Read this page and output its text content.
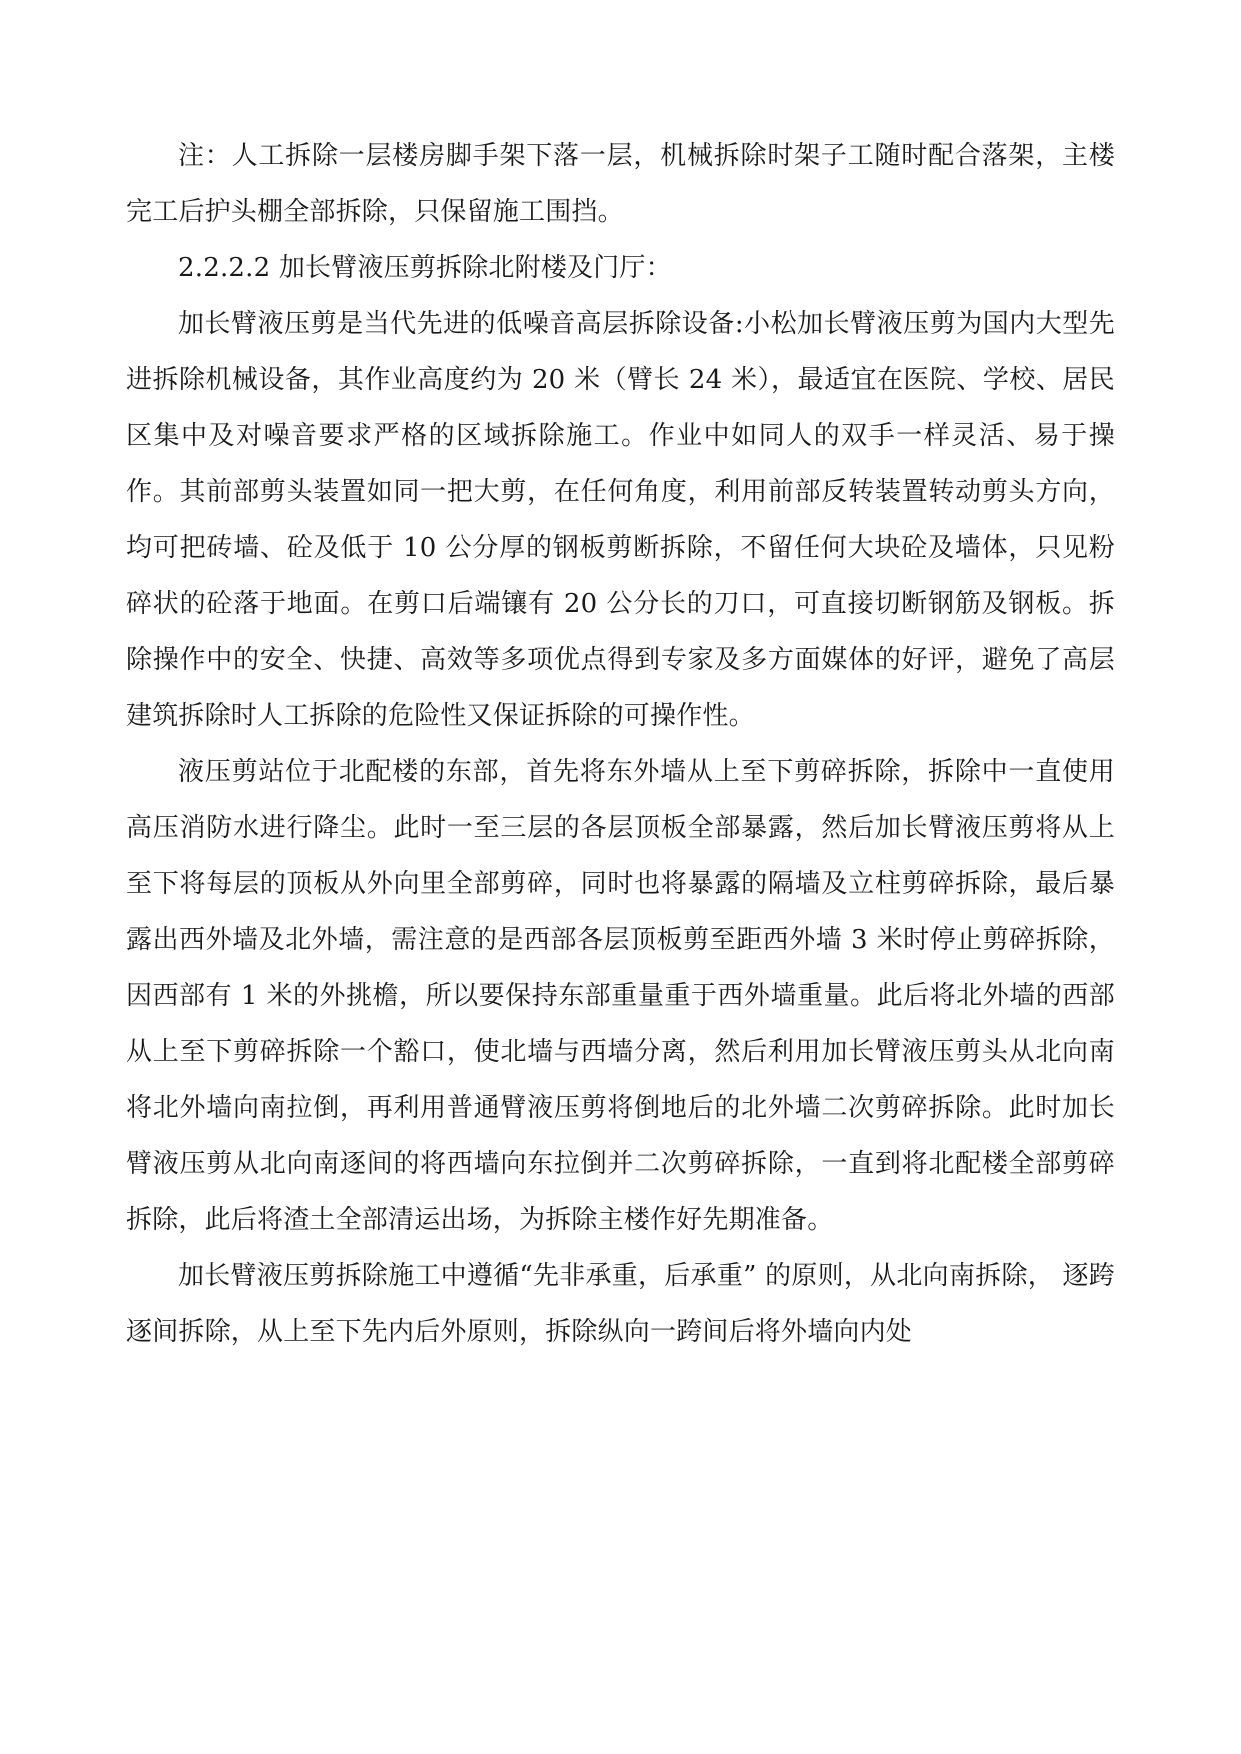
注：人工拆除一层楼房脚手架下落一层，机械拆除时架子工随时配合落架，主楼完工后护头棚全部拆除，只保留施工围挡。

2.2.2.2 加长臂液压剪拆除北附楼及门厅：

加长臂液压剪是当代先进的低噪音高层拆除设备:小松加长臂液压剪为国内大型先进拆除机械设备，其作业高度约为 20 米（臂长 24 米），最适宜在医院、学校、居民区集中及对噪音要求严格的区域拆除施工。作业中如同人的双手一样灵活、易于操作。其前部剪头装置如同一把大剪，在任何角度，利用前部反转装置转动剪头方向，均可把砖墙、砼及低于 10 公分厚的钢板剪断拆除，不留任何大块砼及墙体，只见粉碎状的砼落于地面。在剪口后端镶有 20 公分长的刀口，可直接切断钢筋及钢板。拆除操作中的安全、快捷、高效等多项优点得到专家及多方面媒体的好评，避免了高层建筑拆除时人工拆除的危险性又保证拆除的可操作性。

液压剪站位于北配楼的东部，首先将东外墙从上至下剪碎拆除，拆除中一直使用高压消防水进行降尘。此时一至三层的各层顶板全部暴露，然后加长臂液压剪将从上至下将每层的顶板从外向里全部剪碎，同时也将暴露的隔墙及立柱剪碎拆除，最后暴露出西外墙及北外墙，需注意的是西部各层顶板剪至距西外墙 3 米时停止剪碎拆除，因西部有 1 米的外挑檐，所以要保持东部重量重于西外墙重量。此后将北外墙的西部从上至下剪碎拆除一个豁口，使北墙与西墙分离，然后利用加长臂液压剪头从北向南将北外墙向南拉倒，再利用普通臂液压剪将倒地后的北外墙二次剪碎拆除。此时加长臂液压剪从北向南逐间的将西墙向东拉倒并二次剪碎拆除，一直到将北配楼全部剪碎拆除，此后将渣土全部清运出场，为拆除主楼作好先期准备。

加长臂液压剪拆除施工中遵循“先非承重，后承重” 的原则，从北向南拆除， 逐跨逐间拆除，从上至下先内后外原则，拆除纵向一跨间后将外墙向内处
